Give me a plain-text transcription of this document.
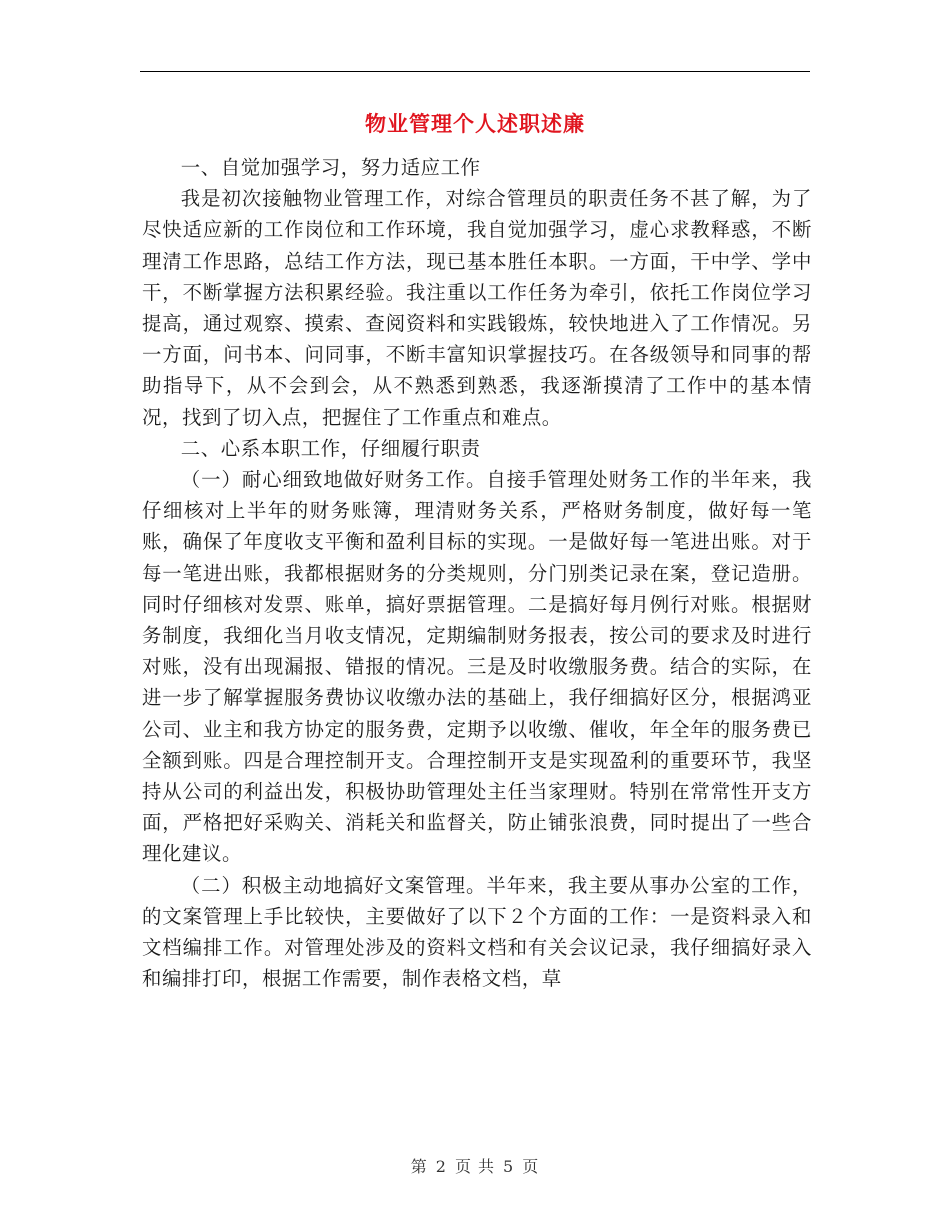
物业管理个人述职述廉

一、自觉加强学习，努力适应工作

我是初次接触物业管理工作，对综合管理员的职责任务不甚了解，为了尽快适应新的工作岗位和工作环境，我自觉加强学习，虚心求教释惑，不断理清工作思路，总结工作方法，现已基本胜任本职。一方面，干中学、学中干，不断掌握方法积累经验。我注重以工作任务为牵引，依托工作岗位学习提高，通过观察、摸索、查阅资料和实践锻炼，较快地进入了工作情况。另一方面，问书本、问同事，不断丰富知识掌握技巧。在各级领导和同事的帮助指导下，从不会到会，从不熟悉到熟悉，我逐渐摸清了工作中的基本情况，找到了切入点，把握住了工作重点和难点。

二、心系本职工作，仔细履行职责

（一）耐心细致地做好财务工作。自接手管理处财务工作的半年来，我仔细核对上半年的财务账簿，理清财务关系，严格财务制度，做好每一笔账，确保了年度收支平衡和盈利目标的实现。一是做好每一笔进出账。对于每一笔进出账，我都根据财务的分类规则，分门别类记录在案，登记造册。同时仔细核对发票、账单，搞好票据管理。二是搞好每月例行对账。根据财务制度，我细化当月收支情况，定期编制财务报表，按公司的要求及时进行对账，没有出现漏报、错报的情况。三是及时收缴服务费。结合的实际，在进一步了解掌握服务费协议收缴办法的基础上，我仔细搞好区分，根据鸿亚公司、业主和我方协定的服务费，定期予以收缴、催收，年全年的服务费已全额到账。四是合理控制开支。合理控制开支是实现盈利的重要环节，我坚持从公司的利益出发，积极协助管理处主任当家理财。特别在常常性开支方面，严格把好采购关、消耗关和监督关，防止铺张浪费，同时提出了一些合理化建议。

（二）积极主动地搞好文案管理。半年来，我主要从事办公室的工作，的文案管理上手比较快，主要做好了以下２个方面的工作：一是资料录入和文档编排工作。对管理处涉及的资料文档和有关会议记录，我仔细搞好录入和编排打印，根据工作需要，制作表格文档，草

第 2 页 共 5 页
